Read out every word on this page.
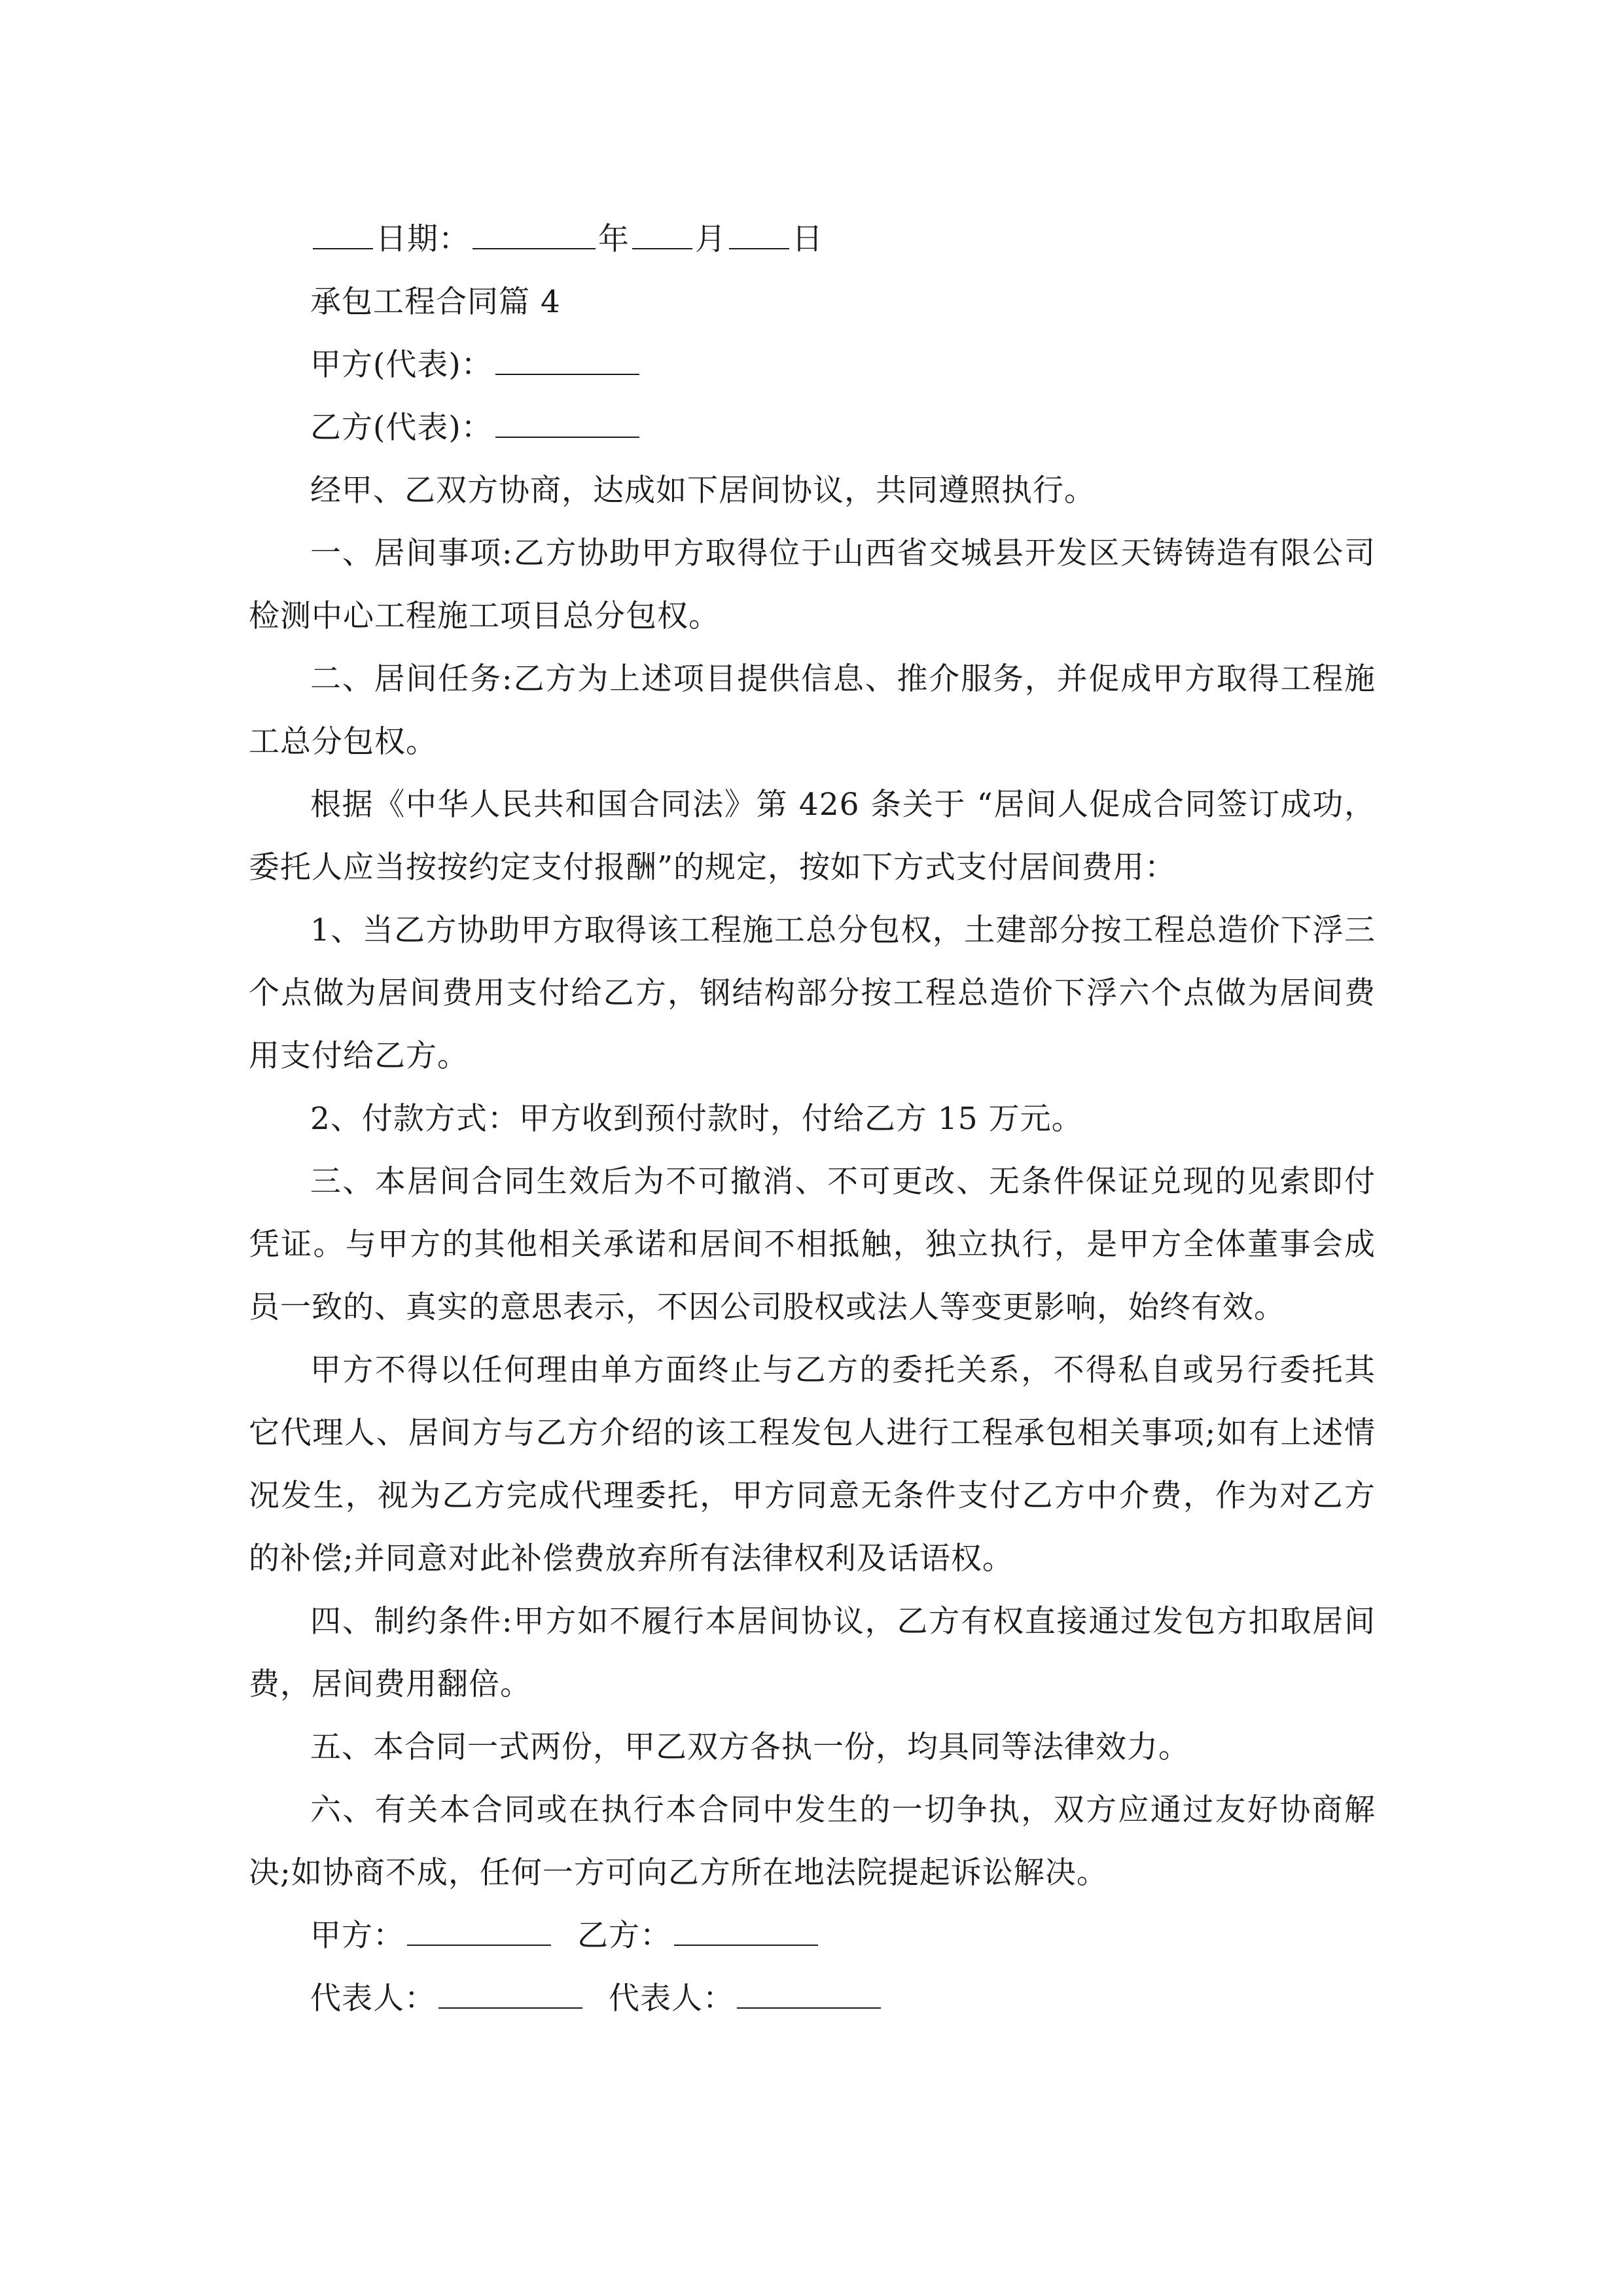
日期：	年 月 日
承包工程合同篇 4
甲方(代表)：
乙方(代表)：
经甲、乙双方协商，达成如下居间协议，共同遵照执行。
一、居间事项:乙方协助甲方取得位于山西省交城县开发区天铸铸造有限公司检测中心工程施工项目总分包权。
二、居间任务:乙方为上述项目提供信息、推介服务，并促成甲方取得工程施工总分包权。
根据《中华人民共和国合同法》第 426 条关于 “居间人促成合同签订成功，委托人应当按按约定支付报酬”的规定，按如下方式支付居间费用：
1、当乙方协助甲方取得该工程施工总分包权，土建部分按工程总造价下浮三个点做为居间费用支付给乙方，钢结构部分按工程总造价下浮六个点做为居间费用支付给乙方。
2、付款方式：甲方收到预付款时，付给乙方 15 万元。
三、本居间合同生效后为不可撤消、不可更改、无条件保证兑现的见索即付凭证。与甲方的其他相关承诺和居间不相抵触，独立执行，是甲方全体董事会成员一致的、真实的意思表示，不因公司股权或法人等变更影响，始终有效。
甲方不得以任何理由单方面终止与乙方的委托关系，不得私自或另行委托其它代理人、居间方与乙方介绍的该工程发包人进行工程承包相关事项;如有上述情况发生，视为乙方完成代理委托，甲方同意无条件支付乙方中介费，作为对乙方的补偿;并同意对此补偿费放弃所有法律权利及话语权。
四、制约条件:甲方如不履行本居间协议，乙方有权直接通过发包方扣取居间费，居间费用翻倍。
五、本合同一式两份，甲乙双方各执一份，均具同等法律效力。
六、有关本合同或在执行本合同中发生的一切争执，双方应通过友好协商解决;如协商不成，任何一方可向乙方所在地法院提起诉讼解决。
甲方：	乙方：
代表人：	代表人：
